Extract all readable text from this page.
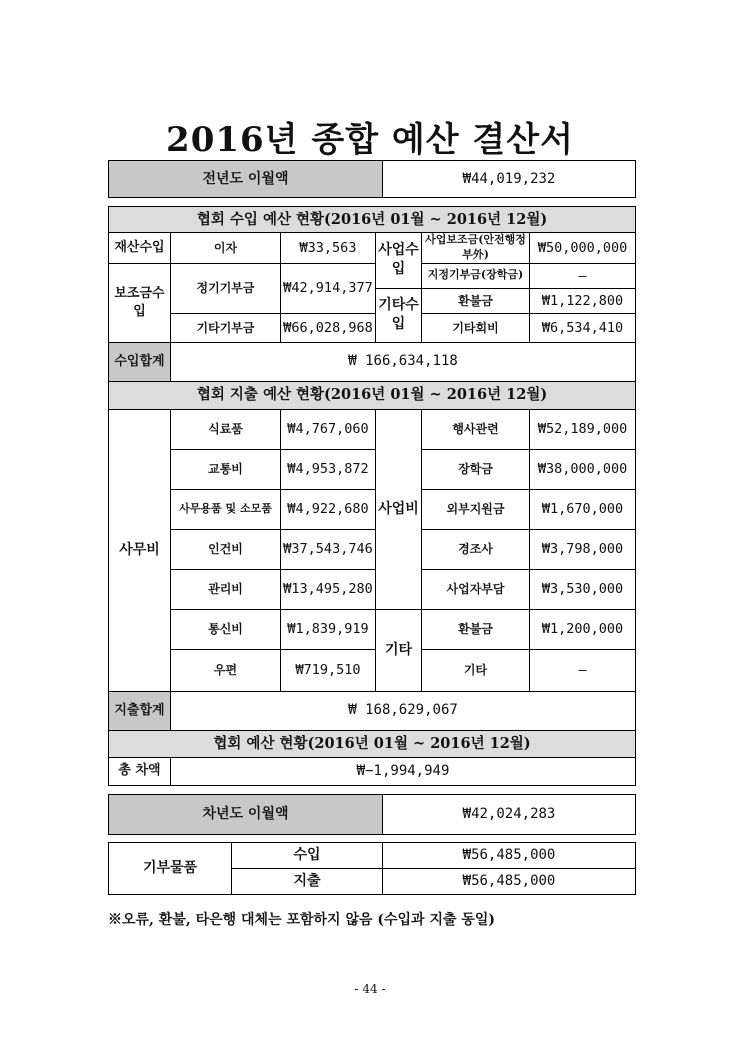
2016년 종합 예산 결산서
전년도 이월액	₩44,019,232
협회 수입 예산 현황(2016년 01월 ~ 2016년 12월)					
재산수입	이자	₩33,563	사업수입	사업보조금(안전행정부外)	₩50,000,000
보조금수입	정기기부금	₩42,914,377		지정기부금(장학금)	–
			기타수입	환불금	₩1,122,800
	기타기부금	₩66,028,968		기타회비	₩6,534,410
수입합계	₩ 166,634,118				
협회 지출 예산 현황(2016년 01월 ~ 2016년 12월)					
사무비	식료품	₩4,767,060	사업비	행사관련	₩52,189,000

	교통비	₩4,953,872		장학금	₩38,000,000

	사무용품 및 소모품	₩4,922,680		외부지원금	₩1,670,000

	인건비	₩37,543,746		경조사	₩3,798,000

	관리비	₩13,495,280		사업자부담	₩3,530,000

	통신비	₩1,839,919	기타	환불금	₩1,200,000

	우편	₩719,510		기타	–

지출합계	₩ 168,629,067				
협회 예산 현황(2016년 01월 ~ 2016년 12월)					
총 차액	₩−1,994,949				
차년도 이월액	₩42,024,283
기부물품	수입	₩56,485,000
	지출	₩56,485,000
※오류, 환불, 타은행 대체는 포함하지 않음 (수입과 지출 동일)
- 44 -
